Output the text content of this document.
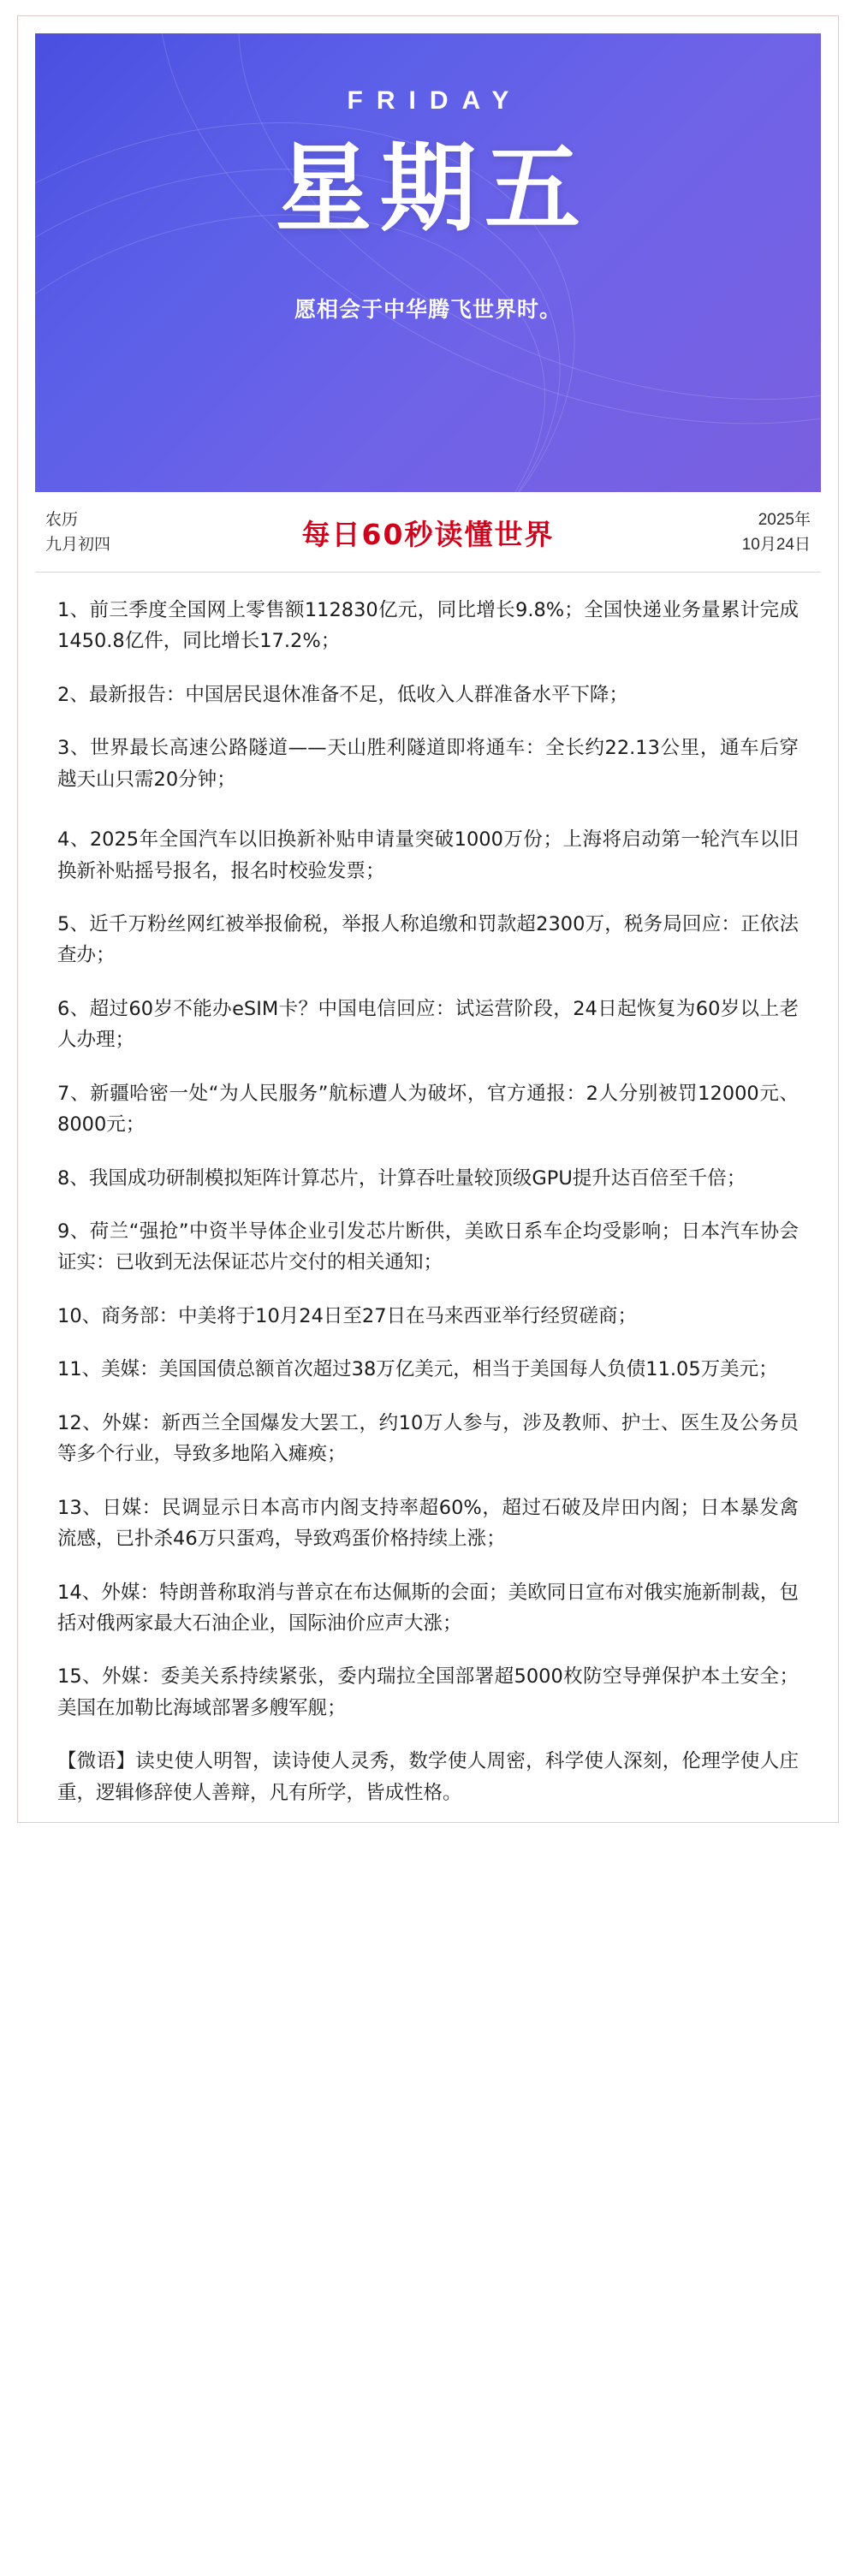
FRIDAY
星期五
愿相会于中华腾飞世界时。
农历
九月初四	每日60秒读懂世界	2025年
10月24日
1、前三季度全国网上零售额112830亿元，同比增长9.8%；全国快递业务量累计完成1450.8亿件，同比增长17.2%；
2、最新报告：中国居民退休准备不足，低收入人群准备水平下降；
3、世界最长高速公路隧道——天山胜利隧道即将通车：全长约22.13公里，通车后穿越天山只需20分钟；
4、2025年全国汽车以旧换新补贴申请量突破1000万份；上海将启动第一轮汽车以旧换新补贴摇号报名，报名时校验发票；
5、近千万粉丝网红被举报偷税，举报人称追缴和罚款超2300万，税务局回应：正依法查办；
6、超过60岁不能办eSIM卡？中国电信回应：试运营阶段，24日起恢复为60岁以上老人办理；
7、新疆哈密一处“为人民服务”航标遭人为破坏，官方通报：2人分别被罚12000元、8000元；
8、我国成功研制模拟矩阵计算芯片，计算吞吐量较顶级GPU提升达百倍至千倍；
9、荷兰“强抢”中资半导体企业引发芯片断供，美欧日系车企均受影响；日本汽车协会证实：已收到无法保证芯片交付的相关通知；
10、商务部：中美将于10月24日至27日在马来西亚举行经贸磋商；
11、美媒：美国国债总额首次超过38万亿美元，相当于美国每人负债11.05万美元；
12、外媒：新西兰全国爆发大罢工，约10万人参与，涉及教师、护士、医生及公务员等多个行业，导致多地陷入瘫痪；
13、日媒：民调显示日本高市内阁支持率超60%，超过石破及岸田内阁；日本暴发禽流感，已扑杀46万只蛋鸡，导致鸡蛋价格持续上涨；
14、外媒：特朗普称取消与普京在布达佩斯的会面；美欧同日宣布对俄实施新制裁，包括对俄两家最大石油企业，国际油价应声大涨；
15、外媒：委美关系持续紧张，委内瑞拉全国部署超5000枚防空导弹保护本土安全；美国在加勒比海域部署多艘军舰；
【微语】读史使人明智，读诗使人灵秀，数学使人周密，科学使人深刻，伦理学使人庄重，逻辑修辞使人善辩，凡有所学，皆成性格。
